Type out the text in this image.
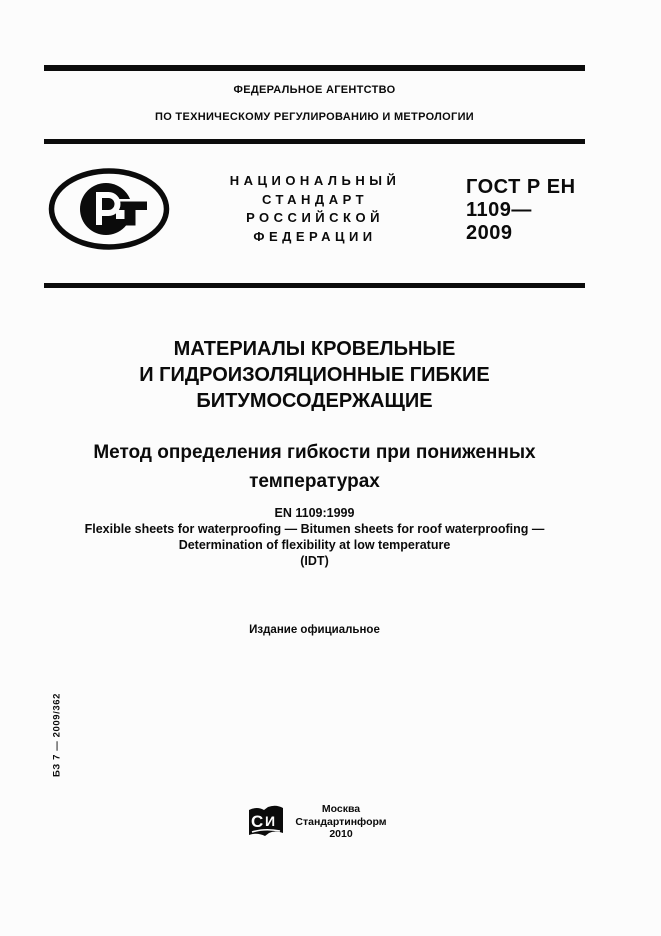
ФЕДЕРАЛЬНОЕ АГЕНТСТВО
ПО ТЕХНИЧЕСКОМУ РЕГУЛИРОВАНИЮ И МЕТРОЛОГИИ
НАЦИОНАЛЬНЫЙ
СТАНДАРТ
РОССИЙСКОЙ
ФЕДЕРАЦИИ
ГОСТ Р ЕН
1109—
2009
МАТЕРИАЛЫ КРОВЕЛЬНЫЕ
И ГИДРОИЗОЛЯЦИОННЫЕ ГИБКИЕ
БИТУМОСОДЕРЖАЩИЕ
Метод определения гибкости при пониженных
температурах
EN 1109:1999
Flexible sheets for waterproofing — Bitumen sheets for roof waterproofing —
Determination of flexibility at low temperature
(IDT)
Издание официальное
БЗ 7 — 2009/362
С И
Москва
Стандартинформ
2010
